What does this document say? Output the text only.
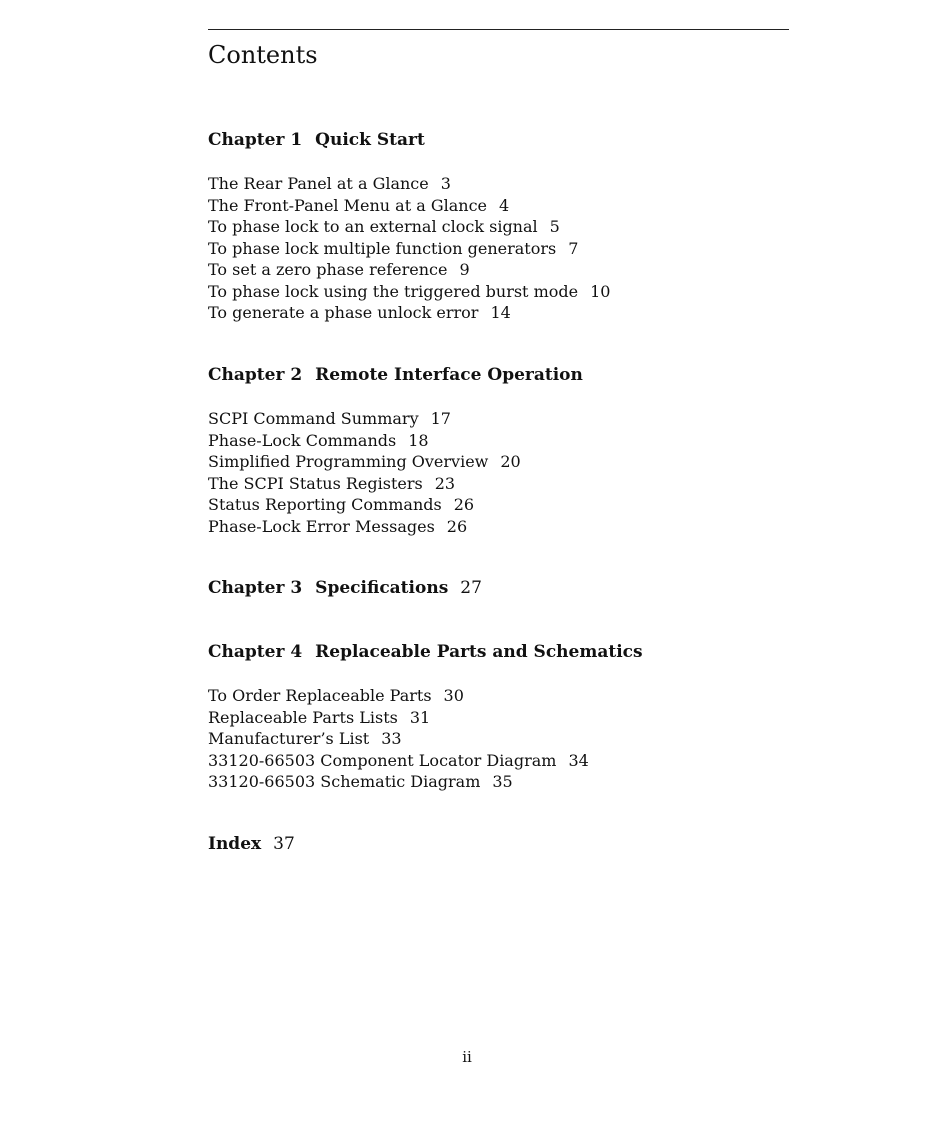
Contents
Chapter 1 Quick Start
The Rear Panel at a Glance 3
The Front-Panel Menu at a Glance 4
To phase lock to an external clock signal 5
To phase lock multiple function generators 7
To set a zero phase reference 9
To phase lock using the triggered burst mode 10
To generate a phase unlock error 14
Chapter 2 Remote Interface Operation
SCPI Command Summary 17
Phase-Lock Commands 18
Simplified Programming Overview 20
The SCPI Status Registers 23
Status Reporting Commands 26
Phase-Lock Error Messages 26
Chapter 3 Specifications 27
Chapter 4 Replaceable Parts and Schematics
To Order Replaceable Parts 30
Replaceable Parts Lists 31
Manufacturer’s List 33
33120-66503 Component Locator Diagram 34
33120-66503 Schematic Diagram 35
Index 37
ii
